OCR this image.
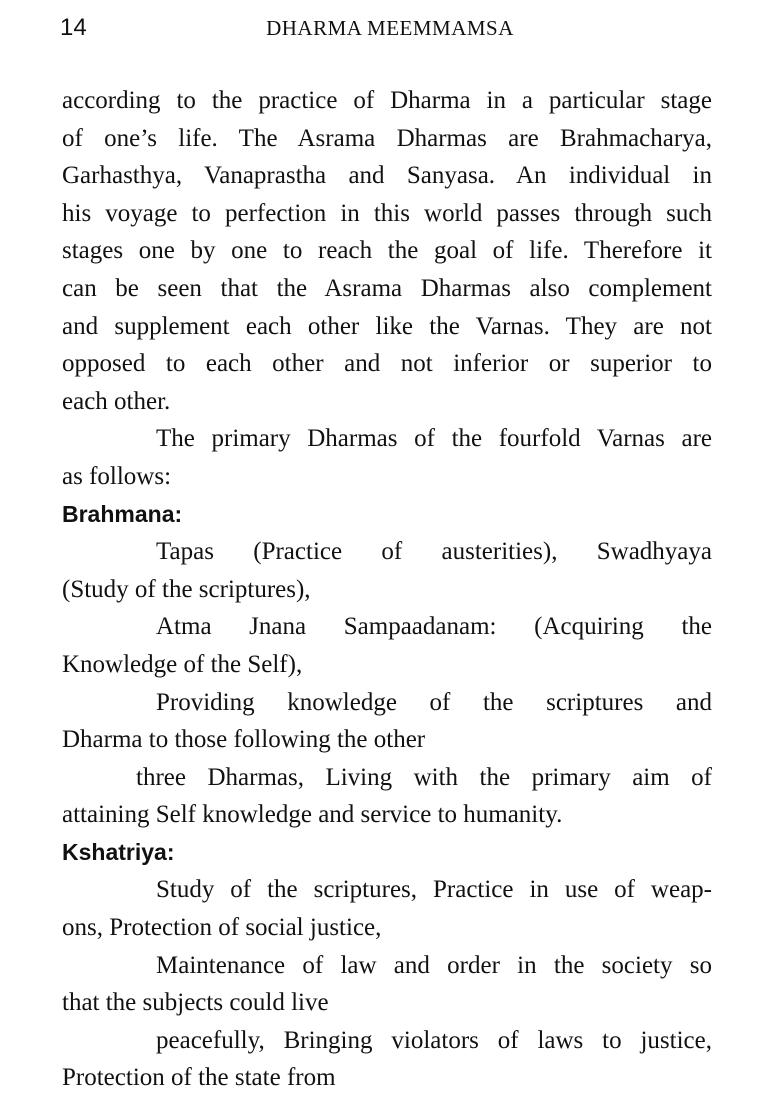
14	DHARMA MEEMMAMSA
according to the practice of Dharma in a particular stage
of one’s life. The Asrama Dharmas are Brahmacharya,
Garhasthya, Vanaprastha and Sanyasa. An individual in
his voyage to perfection in this world passes through such
stages one by one to reach the goal of life. Therefore it
can be seen that the Asrama Dharmas also complement
and supplement each other like the Varnas. They are not
opposed to each other and not inferior or superior to
each other.
The primary Dharmas of the fourfold Varnas are
as follows:
Brahmana:
Tapas (Practice of austerities), Swadhyaya
(Study of the scriptures),
Atma Jnana Sampaadanam: (Acquiring the
Knowledge of the Self),
Providing knowledge of the scriptures and
Dharma to those following the other
three Dharmas, Living with the primary aim of
attaining Self knowledge and service to humanity.
Kshatriya:
Study of the scriptures, Practice in use of weap-
ons, Protection of social justice,
Maintenance of law and order in the society so
that the subjects could live
peacefully, Bringing violators of laws to justice,
Protection of the state from
